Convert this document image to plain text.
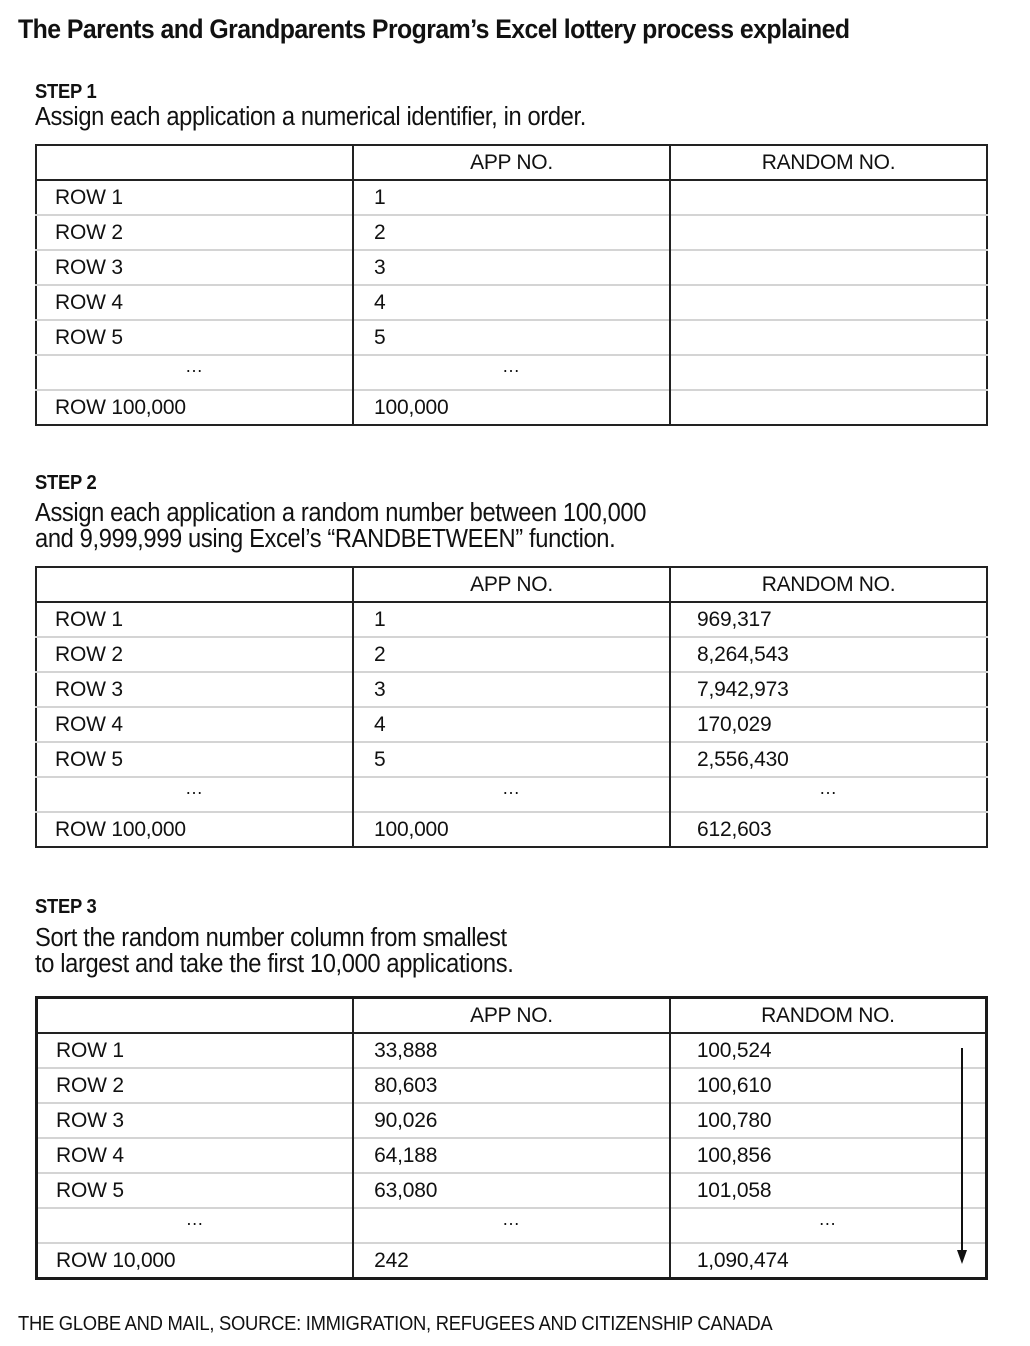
The Parents and Grandparents Program’s Excel lottery process explained
STEP 1
Assign each application a numerical identifier, in order.
	APP NO.	RANDOM NO.
ROW 1	1	
ROW 2	2	
ROW 3	3	
ROW 4	4	
ROW 5	5	
…	…	
ROW 100,000	100,000	
STEP 2
Assign each application a random number between 100,000
and 9,999,999 using Excel’s “RANDBETWEEN” function.
	APP NO.	RANDOM NO.
ROW 1	1	969,317
ROW 2	2	8,264,543
ROW 3	3	7,942,973
ROW 4	4	170,029
ROW 5	5	2,556,430
…	…	…
ROW 100,000	100,000	612,603
STEP 3
Sort the random number column from smallest
to largest and take the first 10,000 applications.
	APP NO.	RANDOM NO.
ROW 1	33,888	100,524
ROW 2	80,603	100,610
ROW 3	90,026	100,780
ROW 4	64,188	100,856
ROW 5	63,080	101,058
…	…	…
ROW 10,000	242	1,090,474
THE GLOBE AND MAIL, SOURCE: IMMIGRATION, REFUGEES AND CITIZENSHIP CANADA
